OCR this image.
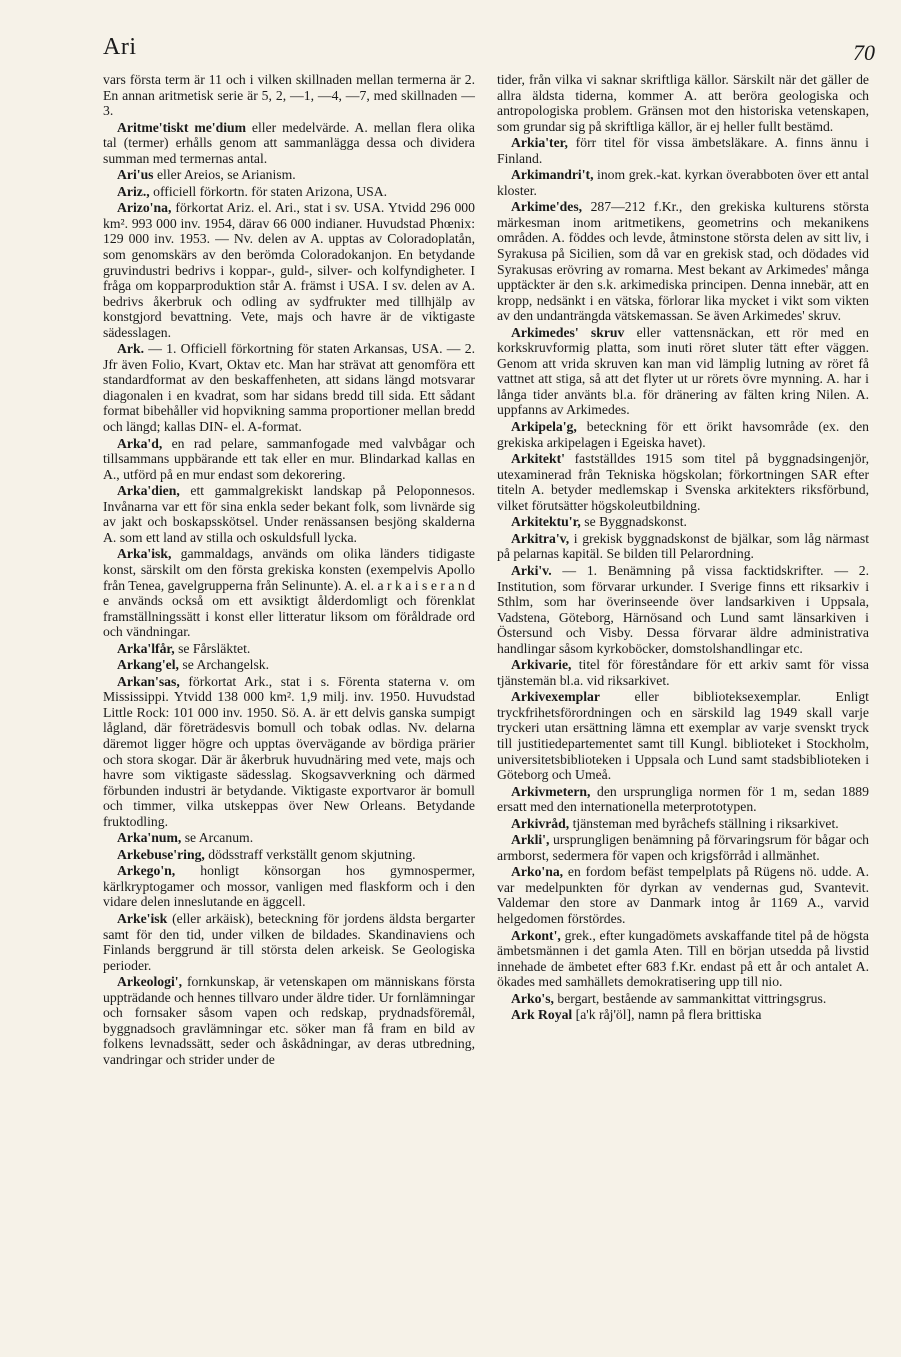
Ari	70

vars första term är 11 och i vilken skillnaden mellan termerna är 2. En annan aritmetisk serie är 5, 2, —1, —4, —7, med skillnaden —3.

Aritme'tiskt me'dium eller medelvärde. A. mellan flera olika tal (termer) erhålls genom att sammanlägga dessa och dividera summan med termernas antal.

Ari'us eller Areios, se Arianism.

Ariz., officiell förkortn. för staten Arizona, USA.

Arizo'na, förkortat Ariz. el. Ari., stat i sv. USA. Ytvidd 296 000 km². 993 000 inv. 1954, därav 66 000 indianer. Huvudstad Phœnix: 129 000 inv. 1953. — Nv. delen av A. upptas av Coloradoplatån, som genomskärs av den berömda Coloradokanjon. En betydande gruvindustri bedrivs i koppar-, guld-, silver- och kolfyndigheter. I fråga om kopparproduktion står A. främst i USA. I sv. delen av A. bedrivs åkerbruk och odling av sydfrukter med tillhjälp av konstgjord bevattning. Vete, majs och havre är de viktigaste sädesslagen.

Ark. — 1. Officiell förkortning för staten Arkansas, USA. — 2. Jfr även Folio, Kvart, Oktav etc. Man har strävat att genomföra ett standardformat av den beskaffenheten, att sidans längd motsvarar diagonalen i en kvadrat, som har sidans bredd till sida. Ett sådant format bibehåller vid hopvikning samma proportioner mellan bredd och längd; kallas DIN- el. A-format.

Arka'd, en rad pelare, sammanfogade med valvbågar och tillsammans uppbärande ett tak eller en mur. Blindarkad kallas en A., utförd på en mur endast som dekorering.

Arka'dien, ett gammalgrekiskt landskap på Peloponnesos. Invånarna var ett för sina enkla seder bekant folk, som livnärde sig av jakt och boskapsskötsel. Under renässansen besjöng skalderna A. som ett land av stilla och oskuldsfull lycka.

Arka'isk, gammaldags, används om olika länders tidigaste konst, särskilt om den första grekiska konsten (exempelvis Apollo från Tenea, gavelgrupperna från Selinunte). A. el. a r k a i s e r a n d e används också om ett avsiktigt ålderdomligt och förenklat framställningssätt i konst eller litteratur liksom om föråldrade ord och vändningar.

Arka'lfår, se Fårsläktet.

Arkang'el, se Archangelsk.

Arkan'sas, förkortat Ark., stat i s. Förenta staterna v. om Mississippi. Ytvidd 138 000 km². 1,9 milj. inv. 1950. Huvudstad Little Rock: 101 000 inv. 1950. Sö. A. är ett delvis ganska sumpigt lågland, där företrädesvis bomull och tobak odlas. Nv. delarna däremot ligger högre och upptas övervägande av bördiga prärier och stora skogar. Där är åkerbruk huvudnäring med vete, majs och havre som viktigaste sädesslag. Skogsavverkning och därmed förbunden industri är betydande. Viktigaste exportvaror är bomull och timmer, vilka utskeppas över New Orleans. Betydande fruktodling.

Arka'num, se Arcanum.

Arkebuse'ring, dödsstraff verkställt genom skjutning.

Arkego'n, honligt könsorgan hos gymnospermer, kärlkryptogamer och mossor, vanligen med flaskform och i den vidare delen inneslutande en äggcell.

Arke'isk (eller arkäisk), beteckning för jordens äldsta bergarter samt för den tid, under vilken de bildades. Skandinaviens och Finlands berggrund är till största delen arkeisk. Se Geologiska perioder.

Arkeologi', fornkunskap, är vetenskapen om människans första uppträdande och hennes tillvaro under äldre tider. Ur fornlämningar och fornsaker såsom vapen och redskap, prydnadsföremål, byggnadsoch gravlämningar etc. söker man få fram en bild av folkens levnadssätt, seder och åskådningar, av deras utbredning, vandringar och strider under de

tider, från vilka vi saknar skriftliga källor. Särskilt när det gäller de allra äldsta tiderna, kommer A. att beröra geologiska och antropologiska problem. Gränsen mot den historiska vetenskapen, som grundar sig på skriftliga källor, är ej heller fullt bestämd.

Arkia'ter, förr titel för vissa ämbetsläkare. A. finns ännu i Finland.

Arkimandri't, inom grek.-kat. kyrkan överabboten över ett antal kloster.

Arkime'des, 287—212 f.Kr., den grekiska kulturens största märkesman inom aritmetikens, geometrins och mekanikens områden. A. föddes och levde, åtminstone största delen av sitt liv, i Syrakusa på Sicilien, som då var en grekisk stad, och dödades vid Syrakusas erövring av romarna. Mest bekant av Arkimedes' många upptäckter är den s.k. arkimediska principen. Denna innebär, att en kropp, nedsänkt i en vätska, förlorar lika mycket i vikt som vikten av den undanträngda vätskemassan. Se även Arkimedes' skruv.

Arkimedes' skruv eller vattensnäckan, ett rör med en korkskruvformig platta, som inuti röret sluter tätt efter väggen. Genom att vrida skruven kan man vid lämplig lutning av röret få vattnet att stiga, så att det flyter ut ur rörets övre mynning. A. har i långa tider använts bl.a. för dränering av fälten kring Nilen. A. uppfanns av Arkimedes.

Arkipela'g, beteckning för ett örikt havsområde (ex. den grekiska arkipelagen i Egeiska havet).

Arkitekt' fastställdes 1915 som titel på byggnadsingenjör, utexaminerad från Tekniska högskolan; förkortningen SAR efter titeln A. betyder medlemskap i Svenska arkitekters riksförbund, vilket förutsätter högskoleutbildning.

Arkitektu'r, se Byggnadskonst.

Arkitra'v, i grekisk byggnadskonst de bjälkar, som låg närmast på pelarnas kapitäl. Se bilden till Pelarordning.

Arki'v. — 1. Benämning på vissa facktidskrifter. — 2. Institution, som förvarar urkunder. I Sverige finns ett riksarkiv i Sthlm, som har överinseende över landsarkiven i Uppsala, Vadstena, Göteborg, Härnösand och Lund samt länsarkiven i Östersund och Visby. Dessa förvarar äldre administrativa handlingar såsom kyrkoböcker, domstolshandlingar etc.

Arkivarie, titel för föreståndare för ett arkiv samt för vissa tjänstemän bl.a. vid riksarkivet.

Arkivexemplar eller biblioteksexemplar. Enligt tryckfrihetsförordningen och en särskild lag 1949 skall varje tryckeri utan ersättning lämna ett exemplar av varje svenskt tryck till justitiedepartementet samt till Kungl. biblioteket i Stockholm, universitetsbiblioteken i Uppsala och Lund samt stadsbiblioteken i Göteborg och Umeå.

Arkivmetern, den ursprungliga normen för 1 m, sedan 1889 ersatt med den internationella meterprototypen.

Arkivråd, tjänsteman med byråchefs ställning i riksarkivet.

Arkli', ursprungligen benämning på förvaringsrum för bågar och armborst, sedermera för vapen och krigsförråd i allmänhet.

Arko'na, en fordom befäst tempelplats på Rügens nö. udde. A. var medelpunkten för dyrkan av vendernas gud, Svantevit. Valdemar den store av Danmark intog år 1169 A., varvid helgedomen förstördes.

Arkont', grek., efter kungadömets avskaffande titel på de högsta ämbetsmännen i det gamla Aten. Till en början utsedda på livstid innehade de ämbetet efter 683 f.Kr. endast på ett år och antalet A. ökades med samhällets demokratisering upp till nio.

Arko's, bergart, bestående av sammankittat vittringsgrus.

Ark Royal [a'k råj'öl], namn på flera brittiska
